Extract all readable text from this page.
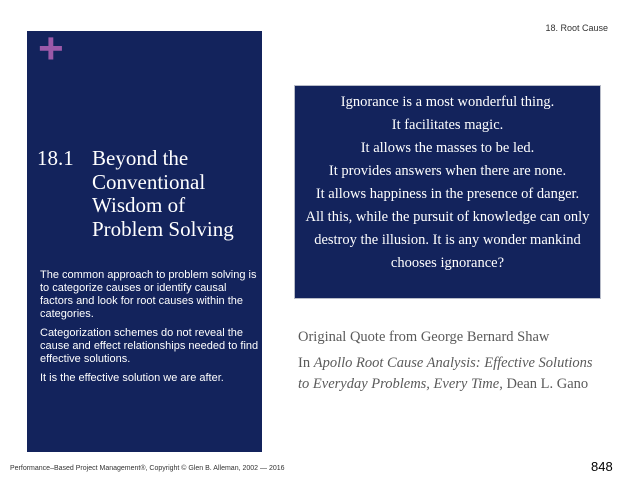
18. Root Cause
+
18.1 Beyond the Conventional Wisdom of Problem Solving

The common approach to problem solving is to categorize causes or identify causal factors and look for root causes within the categories.

Categorization schemes do not reveal the cause and effect relationships needed to find effective solutions.

It is the effective solution we are after.

Ignorance is a most wonderful thing.

It facilitates magic.

It allows the masses to be led.

It provides answers when there are none.

It allows happiness in the presence of danger.

All this, while the pursuit of knowledge can only destroy the illusion. It is any wonder mankind chooses ignorance?

Original Quote from George Bernard Shaw

In Apollo Root Cause Analysis: Effective Solutions to Everyday Problems, Every Time, Dean L. Gano

Performance–Based Project Management®, Copyright © Glen B. Alleman, 2002 — 2016	848
